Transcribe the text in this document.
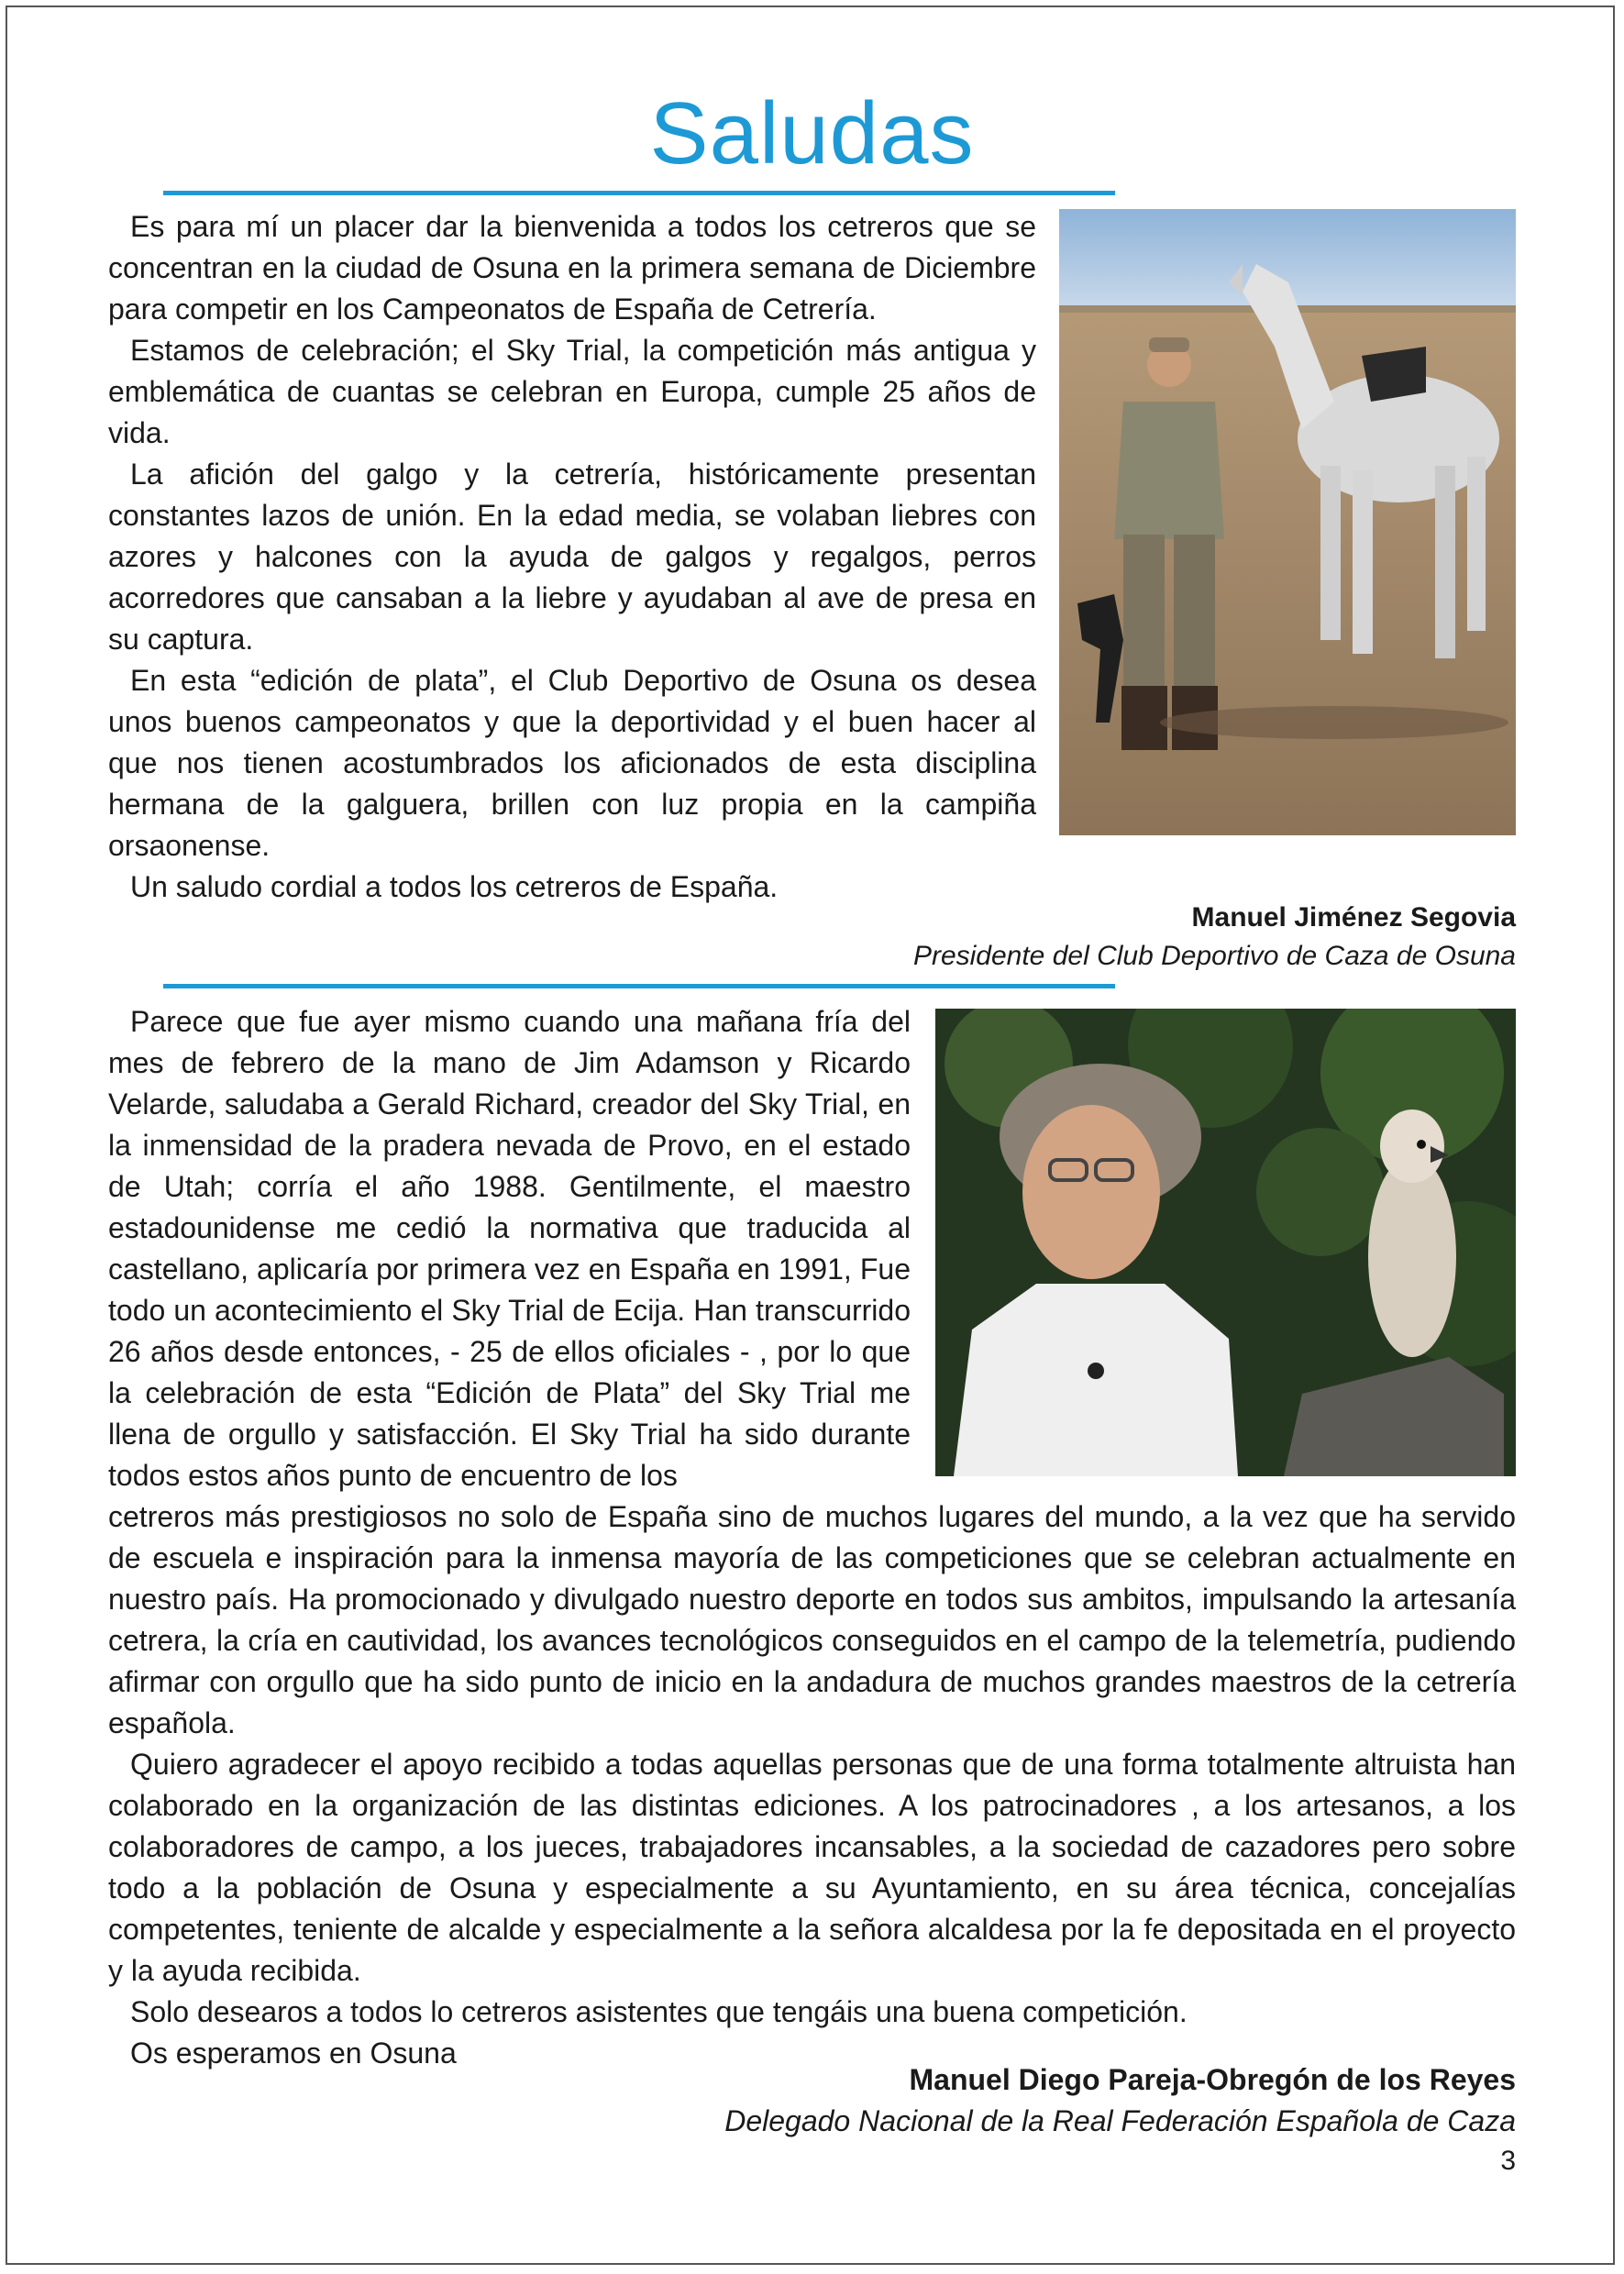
Saludas

Es para mí un placer dar la bienvenida a todos los cetreros que se concentran en la ciudad de Osuna en la primera semana de Diciembre para competir en los Campeonatos de España de Cetrería.

Estamos de celebración; el Sky Trial, la competición más antigua y emblemática de cuantas se celebran en Europa, cumple 25 años de vida.

La afición del galgo y la cetrería, históricamente presentan constantes lazos de unión. En la edad media, se volaban liebres con azores y halcones con la ayuda de galgos y regalgos, perros acorredores que cansaban a la liebre y ayudaban al ave de presa en su captura.

En esta “edición de plata”, el Club Deportivo de Osuna os desea unos buenos campeonatos y que la deportividad y el buen hacer al que nos tienen acostumbrados los aficionados de esta disciplina hermana de la galguera, brillen con luz propia en la campiña orsaonense.

Un saludo cordial a todos los cetreros de España.

Manuel Jiménez Segovia
Presidente del Club Deportivo de Caza de Osuna

Parece que fue ayer mismo cuando una mañana fría del mes de febrero de la mano de Jim Adamson y Ricardo Velarde, saludaba a Gerald Richard, creador del Sky Trial, en la inmensidad de la pradera nevada de Provo, en el estado de Utah; corría el año 1988. Gentilmente, el maestro estadounidense me cedió la normativa que traducida al castellano, aplicaría por primera vez en España en 1991, Fue todo un acontecimiento el Sky Trial de Ecija. Han transcurrido 26 años desde entonces, - 25 de ellos oficiales - , por lo que la celebración de esta “Edición de Plata” del Sky Trial me llena de orgullo y satisfacción. El Sky Trial ha sido durante todos estos años punto de encuentro de los

cetreros más prestigiosos no solo de España sino de muchos lugares del mundo, a la vez que ha servido de escuela e inspiración para la inmensa mayoría de las competiciones que se celebran actualmente en nuestro país. Ha promocionado y divulgado nuestro deporte en todos sus ambitos, impulsando la artesanía cetrera, la cría en cautividad, los avances tecnológicos conseguidos en el campo de la telemetría, pudiendo afirmar con orgullo que ha sido punto de inicio en la andadura de muchos grandes maestros de la cetrería española.

Quiero agradecer el apoyo recibido a todas aquellas personas que de una forma totalmente altruista han colaborado en la organización de las distintas ediciones. A los patrocinadores , a los artesanos, a los colaboradores de campo, a los jueces, trabajadores incansables, a la sociedad de cazadores pero sobre todo a la población de Osuna y especialmente a su Ayuntamiento, en su área técnica, concejalías competentes, teniente de alcalde y especialmente a la señora alcaldesa por la fe depositada en el proyecto y la ayuda recibida.

Solo desearos a todos lo cetreros asistentes que tengáis una buena competición.

Os esperamos en Osuna

Manuel Diego Pareja-Obregón de los Reyes
Delegado Nacional de la Real Federación Española de Caza
3
